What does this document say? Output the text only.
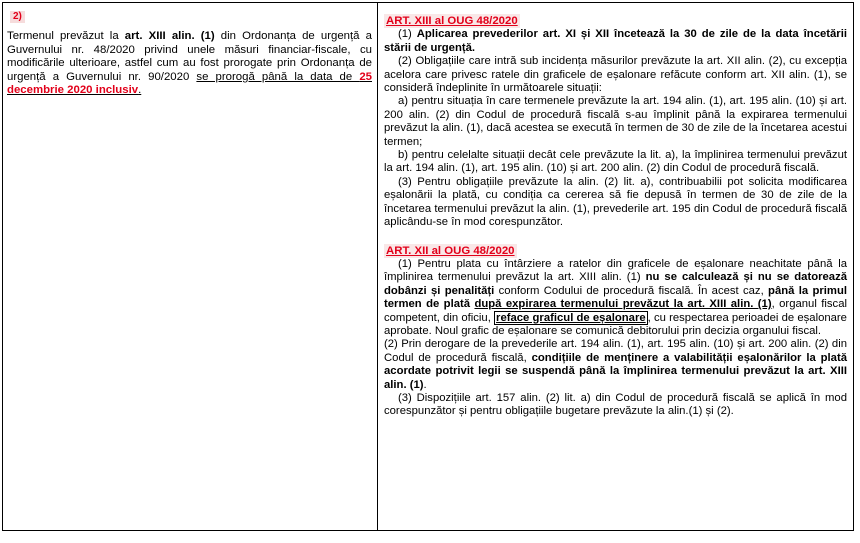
2)
Termenul prevăzut la art. XIII alin. (1) din Ordonanța de urgență a Guvernului nr. 48/2020 privind unele măsuri financiar-fiscale, cu modificările ulterioare, astfel cum au fost prorogate prin Ordonanța de urgență a Guvernului nr. 90/2020 se prorogă până la data de 25 decembrie 2020 inclusiv.

ART. XIII al OUG 48/2020

(1) Aplicarea prevederilor art. XI și XII încetează la 30 de zile de la data încetării stării de urgență.

(2) Obligațiile care intră sub incidența măsurilor prevăzute la art. XII alin. (2), cu excepția acelora care privesc ratele din graficele de eșalonare refăcute conform art. XII alin. (1), se consideră îndeplinite în următoarele situații:

a) pentru situația în care termenele prevăzute la art. 194 alin. (1), art. 195 alin. (10) și art. 200 alin. (2) din Codul de procedură fiscală s-au împlinit până la expirarea termenului prevăzut la alin. (1), dacă acestea se execută în termen de 30 de zile de la încetarea acestui termen;

b) pentru celelalte situații decât cele prevăzute la lit. a), la împlinirea termenului prevăzut la art. 194 alin. (1), art. 195 alin. (10) și art. 200 alin. (2) din Codul de procedură fiscală.

(3) Pentru obligațiile prevăzute la alin. (2) lit. a), contribuabilii pot solicita modificarea eșalonării la plată, cu condiția ca cererea să fie depusă în termen de 30 de zile de la încetarea termenului prevăzut la alin. (1), prevederile art. 195 din Codul de procedură fiscală aplicându-se în mod corespunzător.

ART. XII al OUG 48/2020

(1) Pentru plata cu întârziere a ratelor din graficele de eșalonare neachitate până la împlinirea termenului prevăzut la art. XIII alin. (1) nu se calculează și nu se datorează dobânzi și penalități conform Codului de procedură fiscală. În acest caz, până la primul termen de plată după expirarea termenului prevăzut la art. XIII alin. (1), organul fiscal competent, din oficiu, reface graficul de eșalonare , cu respectarea perioadei de eșalonare aprobate. Noul grafic de eșalonare se comunică debitorului prin decizia organului fiscal.

(2) Prin derogare de la prevederile art. 194 alin. (1), art. 195 alin. (10) și art. 200 alin. (2) din Codul de procedură fiscală, condițiile de menținere a valabilității eșalonărilor la plată acordate potrivit legii se suspendă până la împlinirea termenului prevăzut la art. XIII alin. (1).

(3) Dispozițiile art. 157 alin. (2) lit. a) din Codul de procedură fiscală se aplică în mod corespunzător și pentru obligațiile bugetare prevăzute la alin.(1) și (2).
